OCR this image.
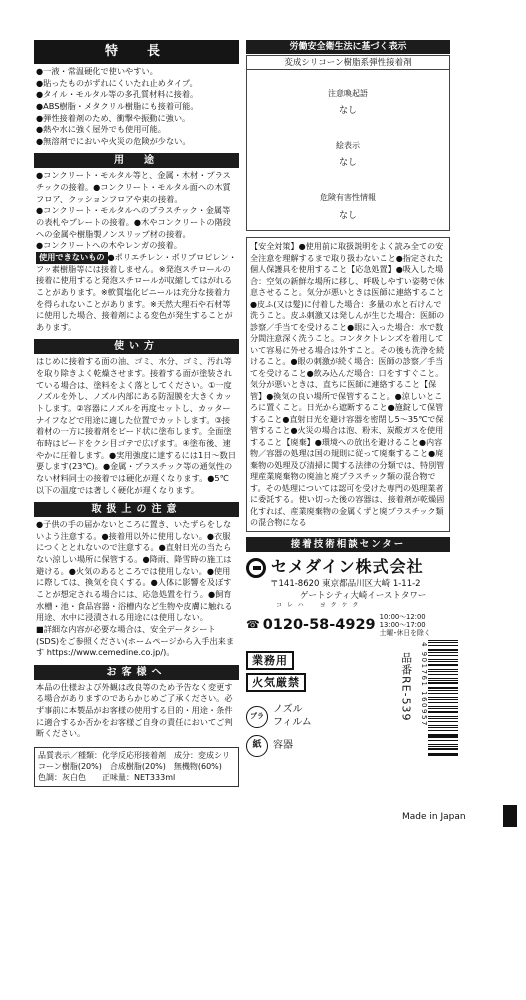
特　長

●一液・常温硬化で使いやすい。

●貼ったものがずれにくいたれ止めタイプ。

●タイル・モルタル等の多孔質材料に接着。

●ABS樹脂・メタクリル樹脂にも接着可能。

●弾性接着剤のため、衝撃や振動に強い。

●熱や水に強く屋外でも使用可能。

●無溶剤でにおいや火災の危険が少ない。

用　途

●コンクリート・モルタル等と、金属・木材・プラスチックの接着。●コンクリート・モルタル面への木質フロア、クッションフロアや束の接着。

●コンクリート・モルタルへのプラスチック・金属等の表札やプレートの接着。●木やコンクリートの階段への金属や樹脂製ノンスリップ材の接着。

●コンクリートへの木やレンガの接着。

使用できないもの ●ポリエチレン・ポリプロピレン・フッ素樹脂等には接着しません。※発泡スチロールの接着に使用すると発泡スチロールが収縮してはがれることがあります。※軟質塩化ビニールは充分な接着力を得られないことがあります。※天然大理石や石材等に使用した場合、接着剤による変色が発生することがあります。

使い方

はじめに接着する面の油、ゴミ、水分、ゴミ、汚れ等を取り除きよく乾燥させます。接着する面が塗装されている場合は、塗料をよく落としてください。①一度ノズルを外し、ノズル内部にある防湿膜を大きくカットします。②容器にノズルを再度セットし、カッターナイフなどで用途に適した位置でカットします。③接着材の一方に接着剤をビード状に塗布します。全面塗布時はビードをクシ目ゴテで広げます。④塗布後、速やかに圧着します。●実用強度に達するには1日〜数日要します(23℃)。●金属・プラスチック等の通気性のない材料同士の接着では硬化が遅くなります。●5℃以下の温度では著しく硬化が遅くなります。

取扱上の注意

●子供の手の届かないところに置き、いたずらをしないよう注意する。●接着用以外に使用しない。●衣服につくととれないので注意する。●直射日光の当たらない涼しい場所に保管する。●降雨、降雪時の施工は避ける。●火気のあるところでは使用しない。●使用に際しては、換気を良くする。●人体に影響を及ぼすことが想定される場合には、応急処置を行う。●飼育水槽・池・食品容器・浴槽内など生物や皮膚に触れる用途、水中に浸漬される用途には使用しない。

■詳細な内容が必要な場合は、安全データシート(SDS)をご参照ください(ホームページから入手出来ます https://www.cemedine.co.jp/)。

お客様へ

本品の仕様および外観は改良等のため予告なく変更する場合がありますのであらかじめご了承ください。必ず事前に本製品がお客様の使用する目的・用途・条件に適合するか否かをお客様ご自身の責任においてご判断ください。

品質表示／種類：化学反応形接着剤　成分：変成シリコーン樹脂(20%)　合成樹脂(20%)　無機物(60%)　色調：灰白色　　正味量：NET333ml

労働安全衛生法に基づく表示
変成シリコーン樹脂系弾性接着剤
注意喚起語
なし
絵表示
なし
危険有害性情報
なし

【安全対策】●使用前に取扱説明をよく読み全ての安全注意を理解するまで取り扱わないこと●指定された個人保護具を使用すること【応急処置】●吸入した場合：空気の新鮮な場所に移し、呼吸しやすい姿勢で休息させること。気分が悪いときは医師に連絡すること●皮ふ(又は髪)に付着した場合：多量の水と石けんで洗うこと。皮ふ刺激又は発しんが生じた場合：医師の診察／手当てを受けること●眼に入った場合：水で数分間注意深く洗うこと。コンタクトレンズを着用していて容易に外せる場合は外すこと。その後も洗浄を続けること。●眼の刺激が続く場合：医師の診察／手当てを受けること●飲み込んだ場合：口をすすぐこと。気分が悪いときは、直ちに医師に連絡すること【保管】●換気の良い場所で保管すること。●涼しいところに置くこと。日光から遮断すること●施錠して保管すること●直射日光を避け容器を密閉し5〜35℃で保管すること●火災の場合は泡、粉末、炭酸ガスを使用すること【廃棄】●環境への放出を避けること●内容物／容器の処理は国の規則に従って廃棄すること●廃棄物の処理及び清掃に関する法律の分類では、特別管理産業廃棄物の廃油と廃プラスチック類の混合物です。その処理については認可を受けた専門の処理業者に委託する。使い切った後の容器は、接着剤が乾燥固化すれば、産業廃棄物の金属くずと廃プラスチック類の混合物になる

接着技術相談センター
セメダイン株式会社
〒141-8620 東京都品川区大崎 1-11-2
ゲートシティ大崎イーストタワー
コレハ　ヨクケク
☎ 0120-58-4929 10:00〜12:00
13:00〜17:00
土曜･休日を除く
業務用
火気厳禁
プラ
ノズル
フィルム
紙	容器
品番RE-539 4 901761 160957
Made in Japan
